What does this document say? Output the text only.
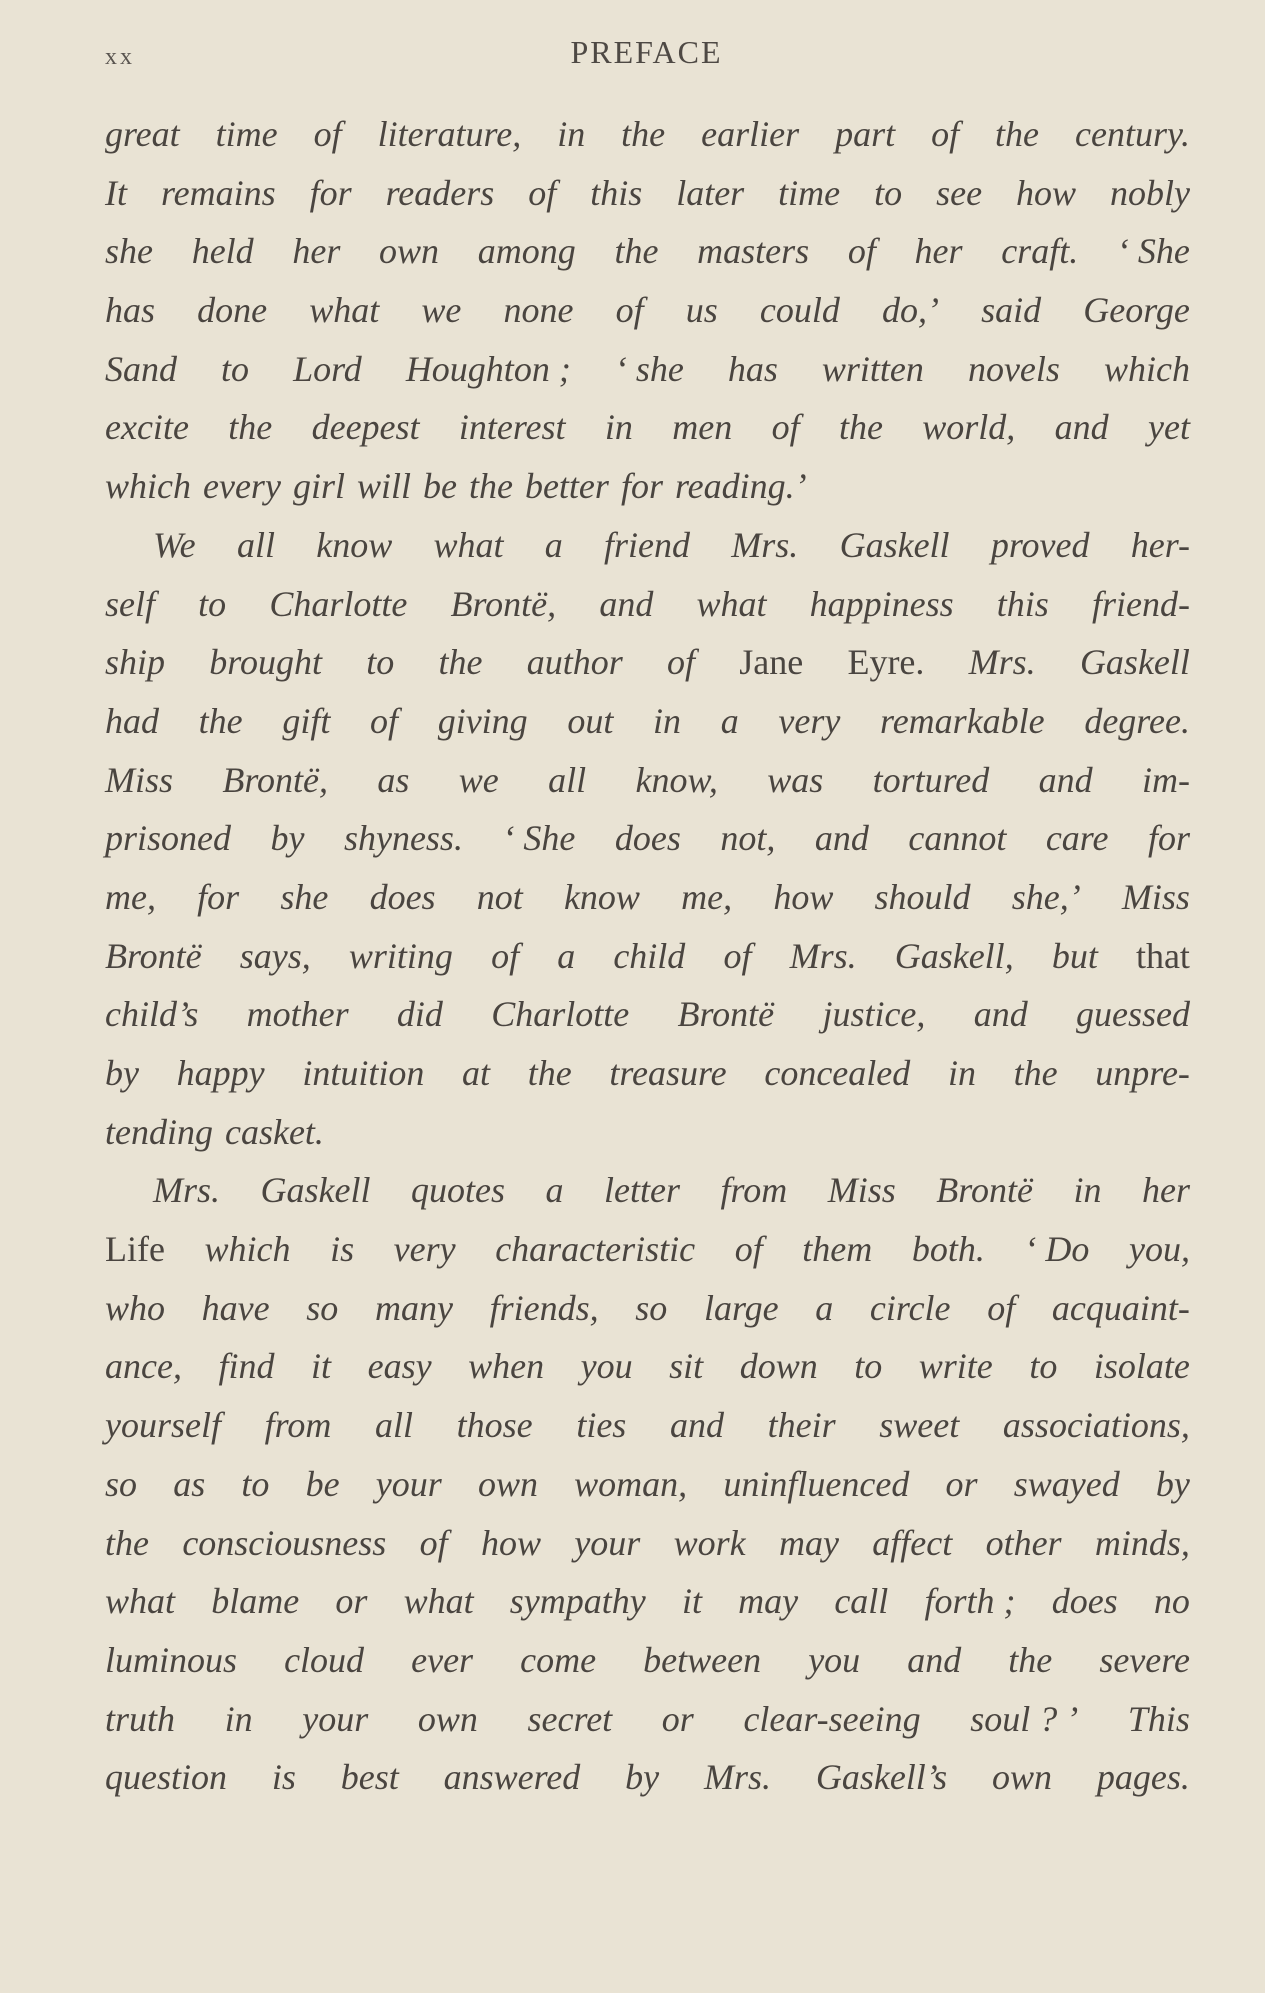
xx	PREFACE
great time of literature, in the earlier part of the century.
It remains for readers of this later time to see how nobly
she held her own among the masters of her craft. ‘ She
has done what we none of us could do,’ said George
Sand to Lord Houghton ; ‘ she has written novels which
excite the deepest interest in men of the world, and yet
which every girl will be the better for reading.’
We all know what a friend Mrs. Gaskell proved her-
self to Charlotte Brontë, and what happiness this friend-
ship brought to the author of Jane Eyre. Mrs. Gaskell
had the gift of giving out in a very remarkable degree.
Miss Brontë, as we all know, was tortured and im-
prisoned by shyness. ‘ She does not, and cannot care for
me, for she does not know me, how should she,’ Miss
Brontë says, writing of a child of Mrs. Gaskell, but that
child’s mother did Charlotte Brontë justice, and guessed
by happy intuition at the treasure concealed in the unpre-
tending casket.
Mrs. Gaskell quotes a letter from Miss Brontë in her
Life which is very characteristic of them both. ‘ Do you,
who have so many friends, so large a circle of acquaint-
ance, find it easy when you sit down to write to isolate
yourself from all those ties and their sweet associations,
so as to be your own woman, uninfluenced or swayed by
the consciousness of how your work may affect other minds,
what blame or what sympathy it may call forth ; does no
luminous cloud ever come between you and the severe
truth in your own secret or clear-seeing soul ? ’ This
question is best answered by Mrs. Gaskell’s own pages.
